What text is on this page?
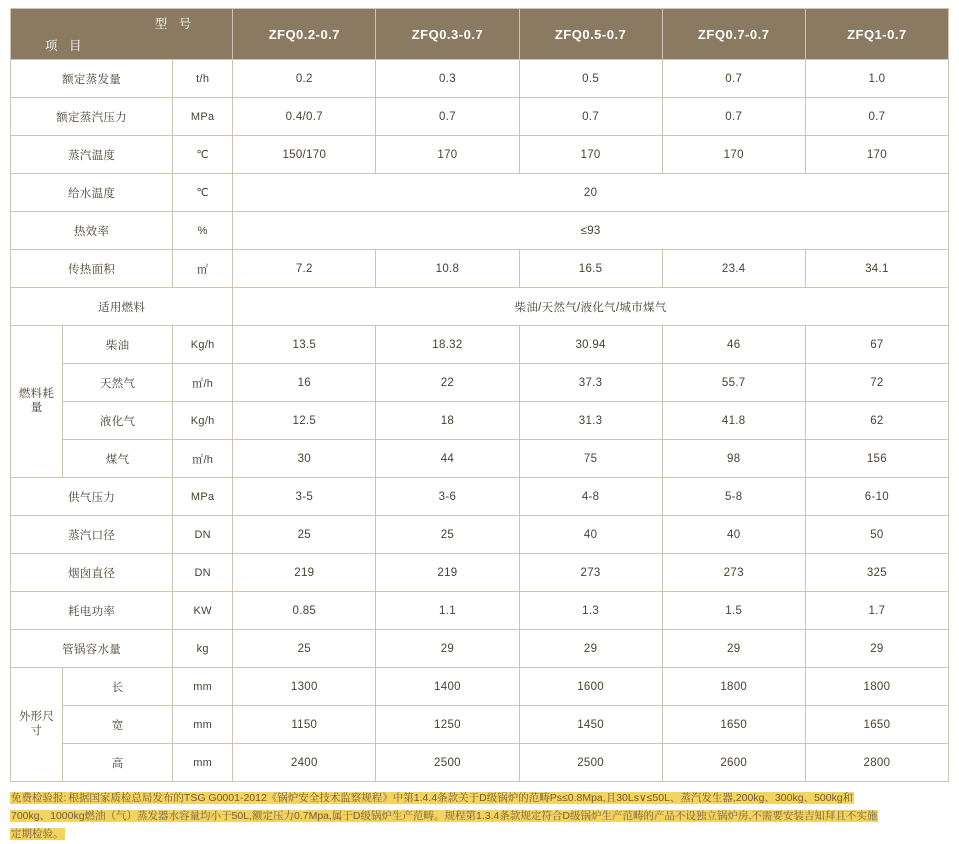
型 号
项 目			ZFQ0.2-0.7	ZFQ0.3-0.7	ZFQ0.5-0.7	ZFQ0.7-0.7	ZFQ1-0.7
额定蒸发量		t/h	0.2	0.3	0.5	0.7	1.0
额定蒸汽压力		MPa	0.4/0.7	0.7	0.7	0.7	0.7
蒸汽温度		℃	150/170	170	170	170	170
给水温度		℃	20				
热效率		%	≤93				
传热面积		㎡	7.2	10.8	16.5	23.4	34.1
适用燃料			柴油/天然气/液化气/城市煤气				
燃料耗量	柴油	Kg/h	13.5	18.32	30.94	46	67
	天然气	㎡/h	16	22	37.3	55.7	72
	液化气	Kg/h	12.5	18	31.3	41.8	62
	煤气	㎡/h	30	44	75	98	156
供气压力		MPa	3-5	3-6	4-8	5-8	6-10
蒸汽口径		DN	25	25	40	40	50
烟囱直径		DN	219	219	273	273	325
耗电功率		KW	0.85	1.1	1.3	1.5	1.7
管锅容水量		kg	25	29	29	29	29
外形尺寸	长	mm	1300	1400	1600	1800	1800
	宽	mm	1150	1250	1450	1650	1650
	高	mm	2400	2500	2500	2600	2800
免费检验报: 根据国家质检总局发布的TSG G0001-2012《锅炉安全技术监察规程》中第1.4.4条款关于D级锅炉的范畴Ps≤0.8Mpa,且30Ls∨≤50L、蒸汽发生器,200kg、300kg、500kg和
700kg、1000kg燃油（气）蒸发器水容量均小于50L,额定压力0.7Mpa,属于D级锅炉生产范畴。规程第1.3.4条款规定符合D级锅炉生产范畴的产品不设独立锅炉房,不需要安装吉知拜且不实施
定期检验。
